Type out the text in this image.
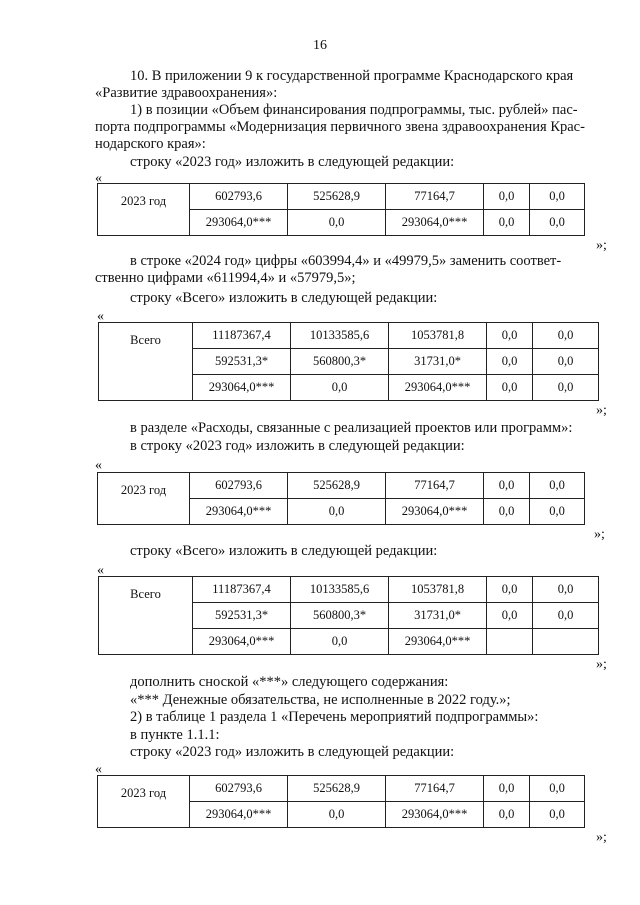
16
10. В приложении 9 к государственной программе Краснодарского края
«Развитие здравоохранения»:
1) в позиции «Объем финансирования подпрограммы, тыс. рублей» пас-
порта подпрограммы «Модернизация первичного звена здравоохранения Крас-
нодарского края»:
строку «2023 год» изложить в следующей редакции:
«
2023 год	602793,6	525628,9	77164,7	0,0	0,0
	293064,0***	0,0	293064,0***	0,0	0,0
»;
в строке «2024 год» цифры «603994,4» и «49979,5» заменить соответ-
ственно цифрами «611994,4» и «57979,5»;
строку «Всего» изложить в следующей редакции:
«
Всего	11187367,4	10133585,6	1053781,8	0,0	0,0
	592531,3*	560800,3*	31731,0*	0,0	0,0
	293064,0***	0,0	293064,0***	0,0	0,0
»;
в разделе «Расходы, связанные с реализацией проектов или программ»:
в строку «2023 год» изложить в следующей редакции:
«
2023 год	602793,6	525628,9	77164,7	0,0	0,0
	293064,0***	0,0	293064,0***	0,0	0,0
»;
строку «Всего» изложить в следующей редакции:
«
Всего	11187367,4	10133585,6	1053781,8	0,0	0,0
	592531,3*	560800,3*	31731,0*	0,0	0,0
	293064,0***	0,0	293064,0***		
»;
дополнить сноской «***» следующего содержания:
«*** Денежные обязательства, не исполненные в 2022 году.»;
2) в таблице 1 раздела 1 «Перечень мероприятий подпрограммы»:
в пункте 1.1.1:
строку «2023 год» изложить в следующей редакции:
«
2023 год	602793,6	525628,9	77164,7	0,0	0,0
	293064,0***	0,0	293064,0***	0,0	0,0
»;
